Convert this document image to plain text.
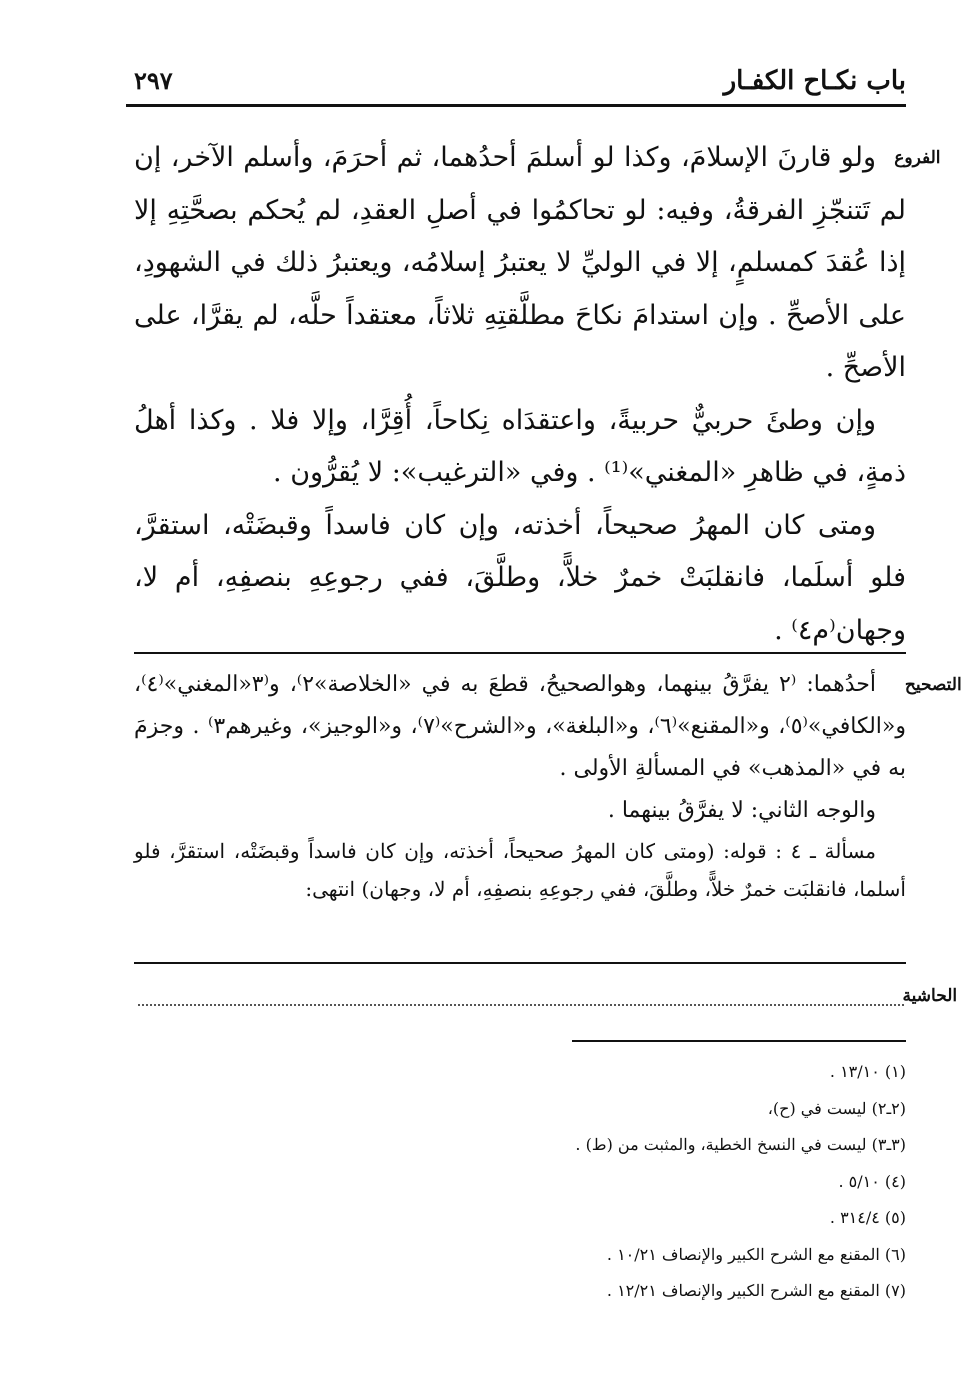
باب نكـاح الكفـار
٢٩٧
الفروع
التصحيح
الحاشية

ولو قارنَ الإسلامَ، وكذا لو أسلمَ أحدُهما، ثم أحرَمَ، وأسلم الآخر، إن لم تَتنجّزِ الفرقةُ، وفيه: لو تحاكمُوا في أصلِ العقدِ، لم يُحكم بصحَّتِهِ إلا إذا عُقدَ كمسلمٍ، إلا في الوليِّ لا يعتبرُ إسلامُه، ويعتبرُ ذلك في الشهودِ، على الأصحِّ . وإن استدامَ نكاحَ مطلَّقتِهِ ثلاثاً، معتقداً حلَّه، لم يقرَّا، على الأصحِّ .

وإن وطئَ حربيٌّ حربيةً، واعتقدَاه نِكاحاً، أُقِرَّا، وإلا فلا . وكذا أهلُ ذمةٍ، في ظاهرِ «المغني»⁽¹⁾ . وفي «الترغيب»: لا يُقرُّون .

ومتى كان المهرُ صحيحاً، أخذته، وإن كان فاسداً وقبضَتْه، استقرَّ، فلو أسلَما، فانقلبَتْ خمرٌ خلاًّ، وطلَّقَ، ففي رجوعِهِ بنصفِهِ، أم لا، وجهان⁽م٤⁾ .

أحدُهما: ⁽٢ يفرَّقُ بينهما، وهوالصحيحُ، قطعَ به في «الخلاصة»٢⁾، و⁽٣«المغني»⁽٤⁾، و«الكافي»⁽٥⁾، و«المقنع»⁽٦⁾، و«البلغة»، و«الشرح»⁽٧⁾، و«الوجيز»، وغيرهم٣⁾ . وجزمَ به في «المذهب» في المسألةِ الأولى .

والوجه الثاني: لا يفرَّقُ بينهما .

مسألة ـ ٤ : قوله: (ومتى كان المهرُ صحيحاً، أخذته، وإن كان فاسداً وقبضَتْه، استقرَّ، فلو أسلما، فانقلبَت خمرٌ خلاًّ، وطلَّقَ، ففي رجوعِهِ بنصفِهِ، أم لا، وجهان) انتهى:

(١) ١٣/١٠ .

(٢ـ٢) ليست في (ح)،

(٣ـ٣) ليست في النسخ الخطية، والمثبت من (ط) .

(٤) ٥/١٠ .

(٥) ٣١٤/٤ .

(٦) المقنع مع الشرح الكبير والإنصاف ١٠/٢١ .

(٧) المقنع مع الشرح الكبير والإنصاف ١٢/٢١ .
